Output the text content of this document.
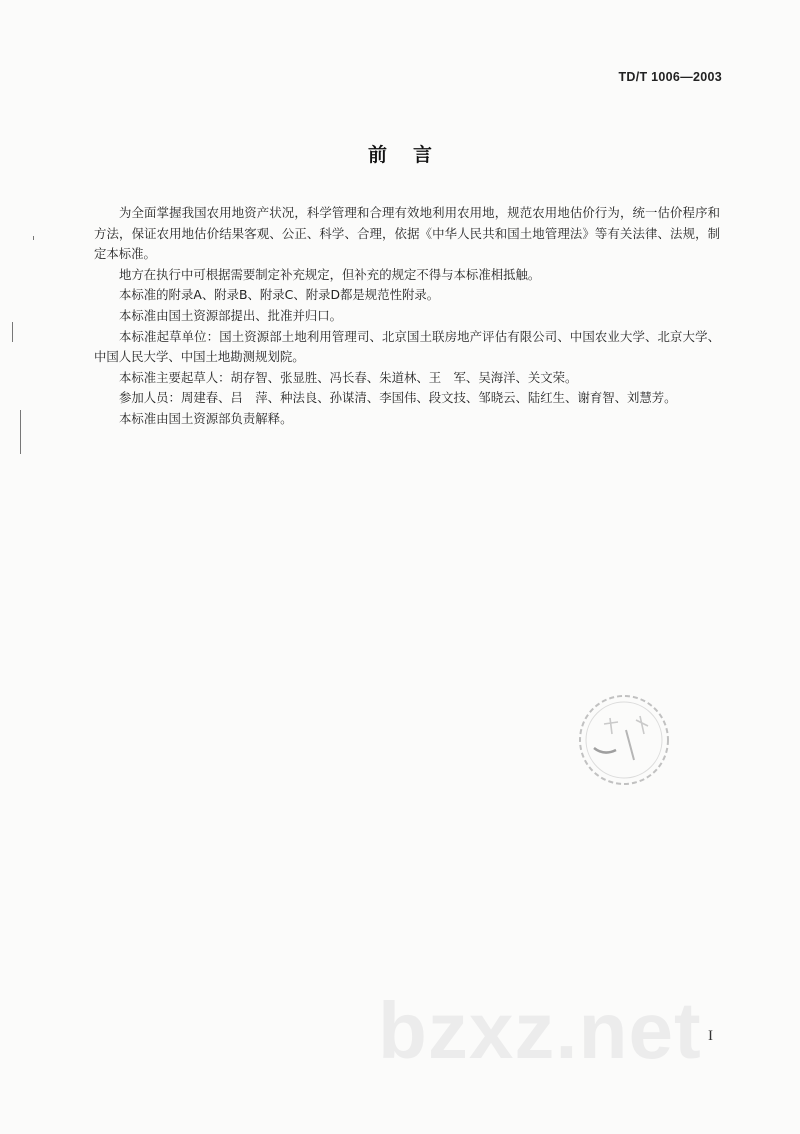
TD/T 1006—2003
前言

为全面掌握我国农用地资产状况，科学管理和合理有效地利用农用地，规范农用地估价行为，统一估价程序和方法，保证农用地估价结果客观、公正、科学、合理，依据《中华人民共和国土地管理法》等有关法律、法规，制定本标准。

地方在执行中可根据需要制定补充规定，但补充的规定不得与本标准相抵触。

本标准的附录A、附录B、附录C、附录D都是规范性附录。

本标准由国土资源部提出、批准并归口。

本标准起草单位：国土资源部土地利用管理司、北京国土联房地产评估有限公司、中国农业大学、北京大学、中国人民大学、中国土地勘测规划院。

本标准主要起草人：胡存智、张显胜、冯长春、朱道林、王　军、吴海洋、关文荣。

参加人员：周建春、吕　萍、种法良、孙谋清、李国伟、段文技、邹晓云、陆红生、谢育智、刘慧芳。

本标准由国土资源部负责解释。

bzxz.net I
